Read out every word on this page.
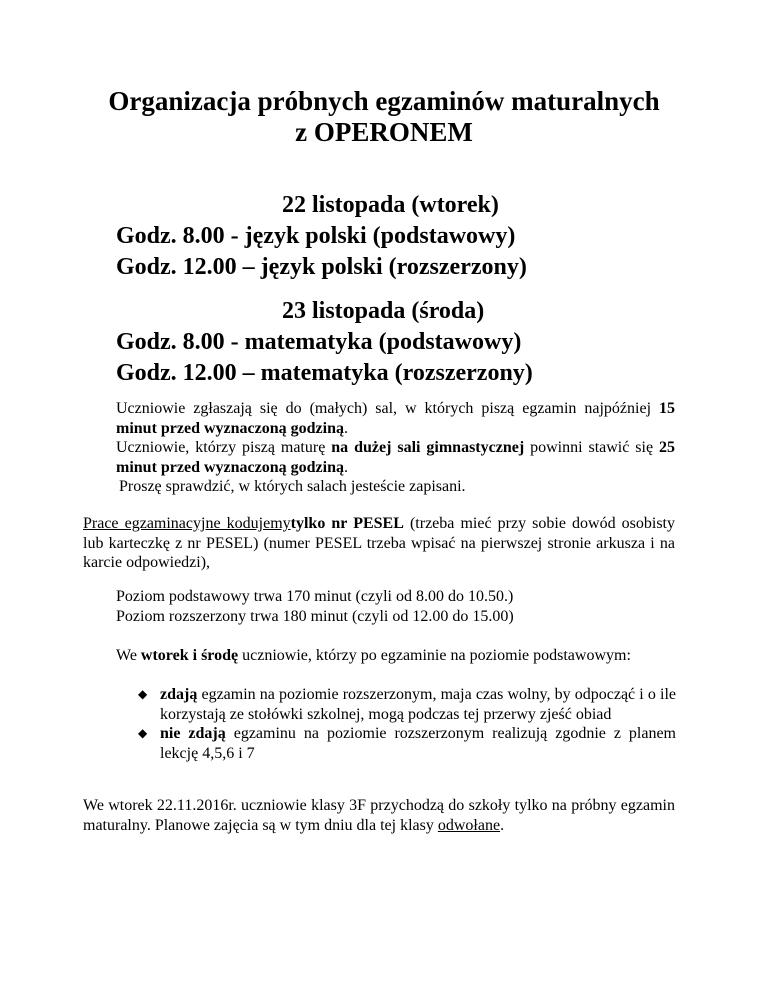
Organizacja próbnych egzaminów maturalnych
z OPERONEM
22 listopada (wtorek)
Godz. 8.00 - język polski (podstawowy)
Godz. 12.00 – język polski (rozszerzony)
23 listopada (środa)
Godz. 8.00 - matematyka (podstawowy)
Godz. 12.00 – matematyka (rozszerzony)
Uczniowie zgłaszają się do (małych) sal, w których piszą egzamin najpóźniej 15 minut przed wyznaczoną godziną.
Uczniowie, którzy piszą maturę na dużej sali gimnastycznej powinni stawić się 25 minut przed wyznaczoną godziną.
Proszę sprawdzić, w których salach jesteście zapisani.
Prace egzaminacyjne kodujemytylko nr PESEL (trzeba mieć przy sobie dowód osobisty lub karteczkę z nr PESEL) (numer PESEL trzeba wpisać na pierwszej stronie arkusza i na karcie odpowiedzi),
Poziom podstawowy trwa 170 minut (czyli od 8.00 do 10.50.)
Poziom rozszerzony trwa 180 minut (czyli od 12.00 do 15.00)
We wtorek i środę uczniowie, którzy po egzaminie na poziomie podstawowym:
◆ zdają egzamin na poziomie rozszerzonym, maja czas wolny, by odpocząć i o ile korzystają ze stołówki szkolnej, mogą podczas tej przerwy zjeść obiad
◆ nie zdają egzaminu na poziomie rozszerzonym realizują zgodnie z planem lekcję 4,5,6 i 7
We wtorek 22.11.2016r. uczniowie klasy 3F przychodzą do szkoły tylko na próbny egzamin maturalny. Planowe zajęcia są w tym dniu dla tej klasy odwołane.
